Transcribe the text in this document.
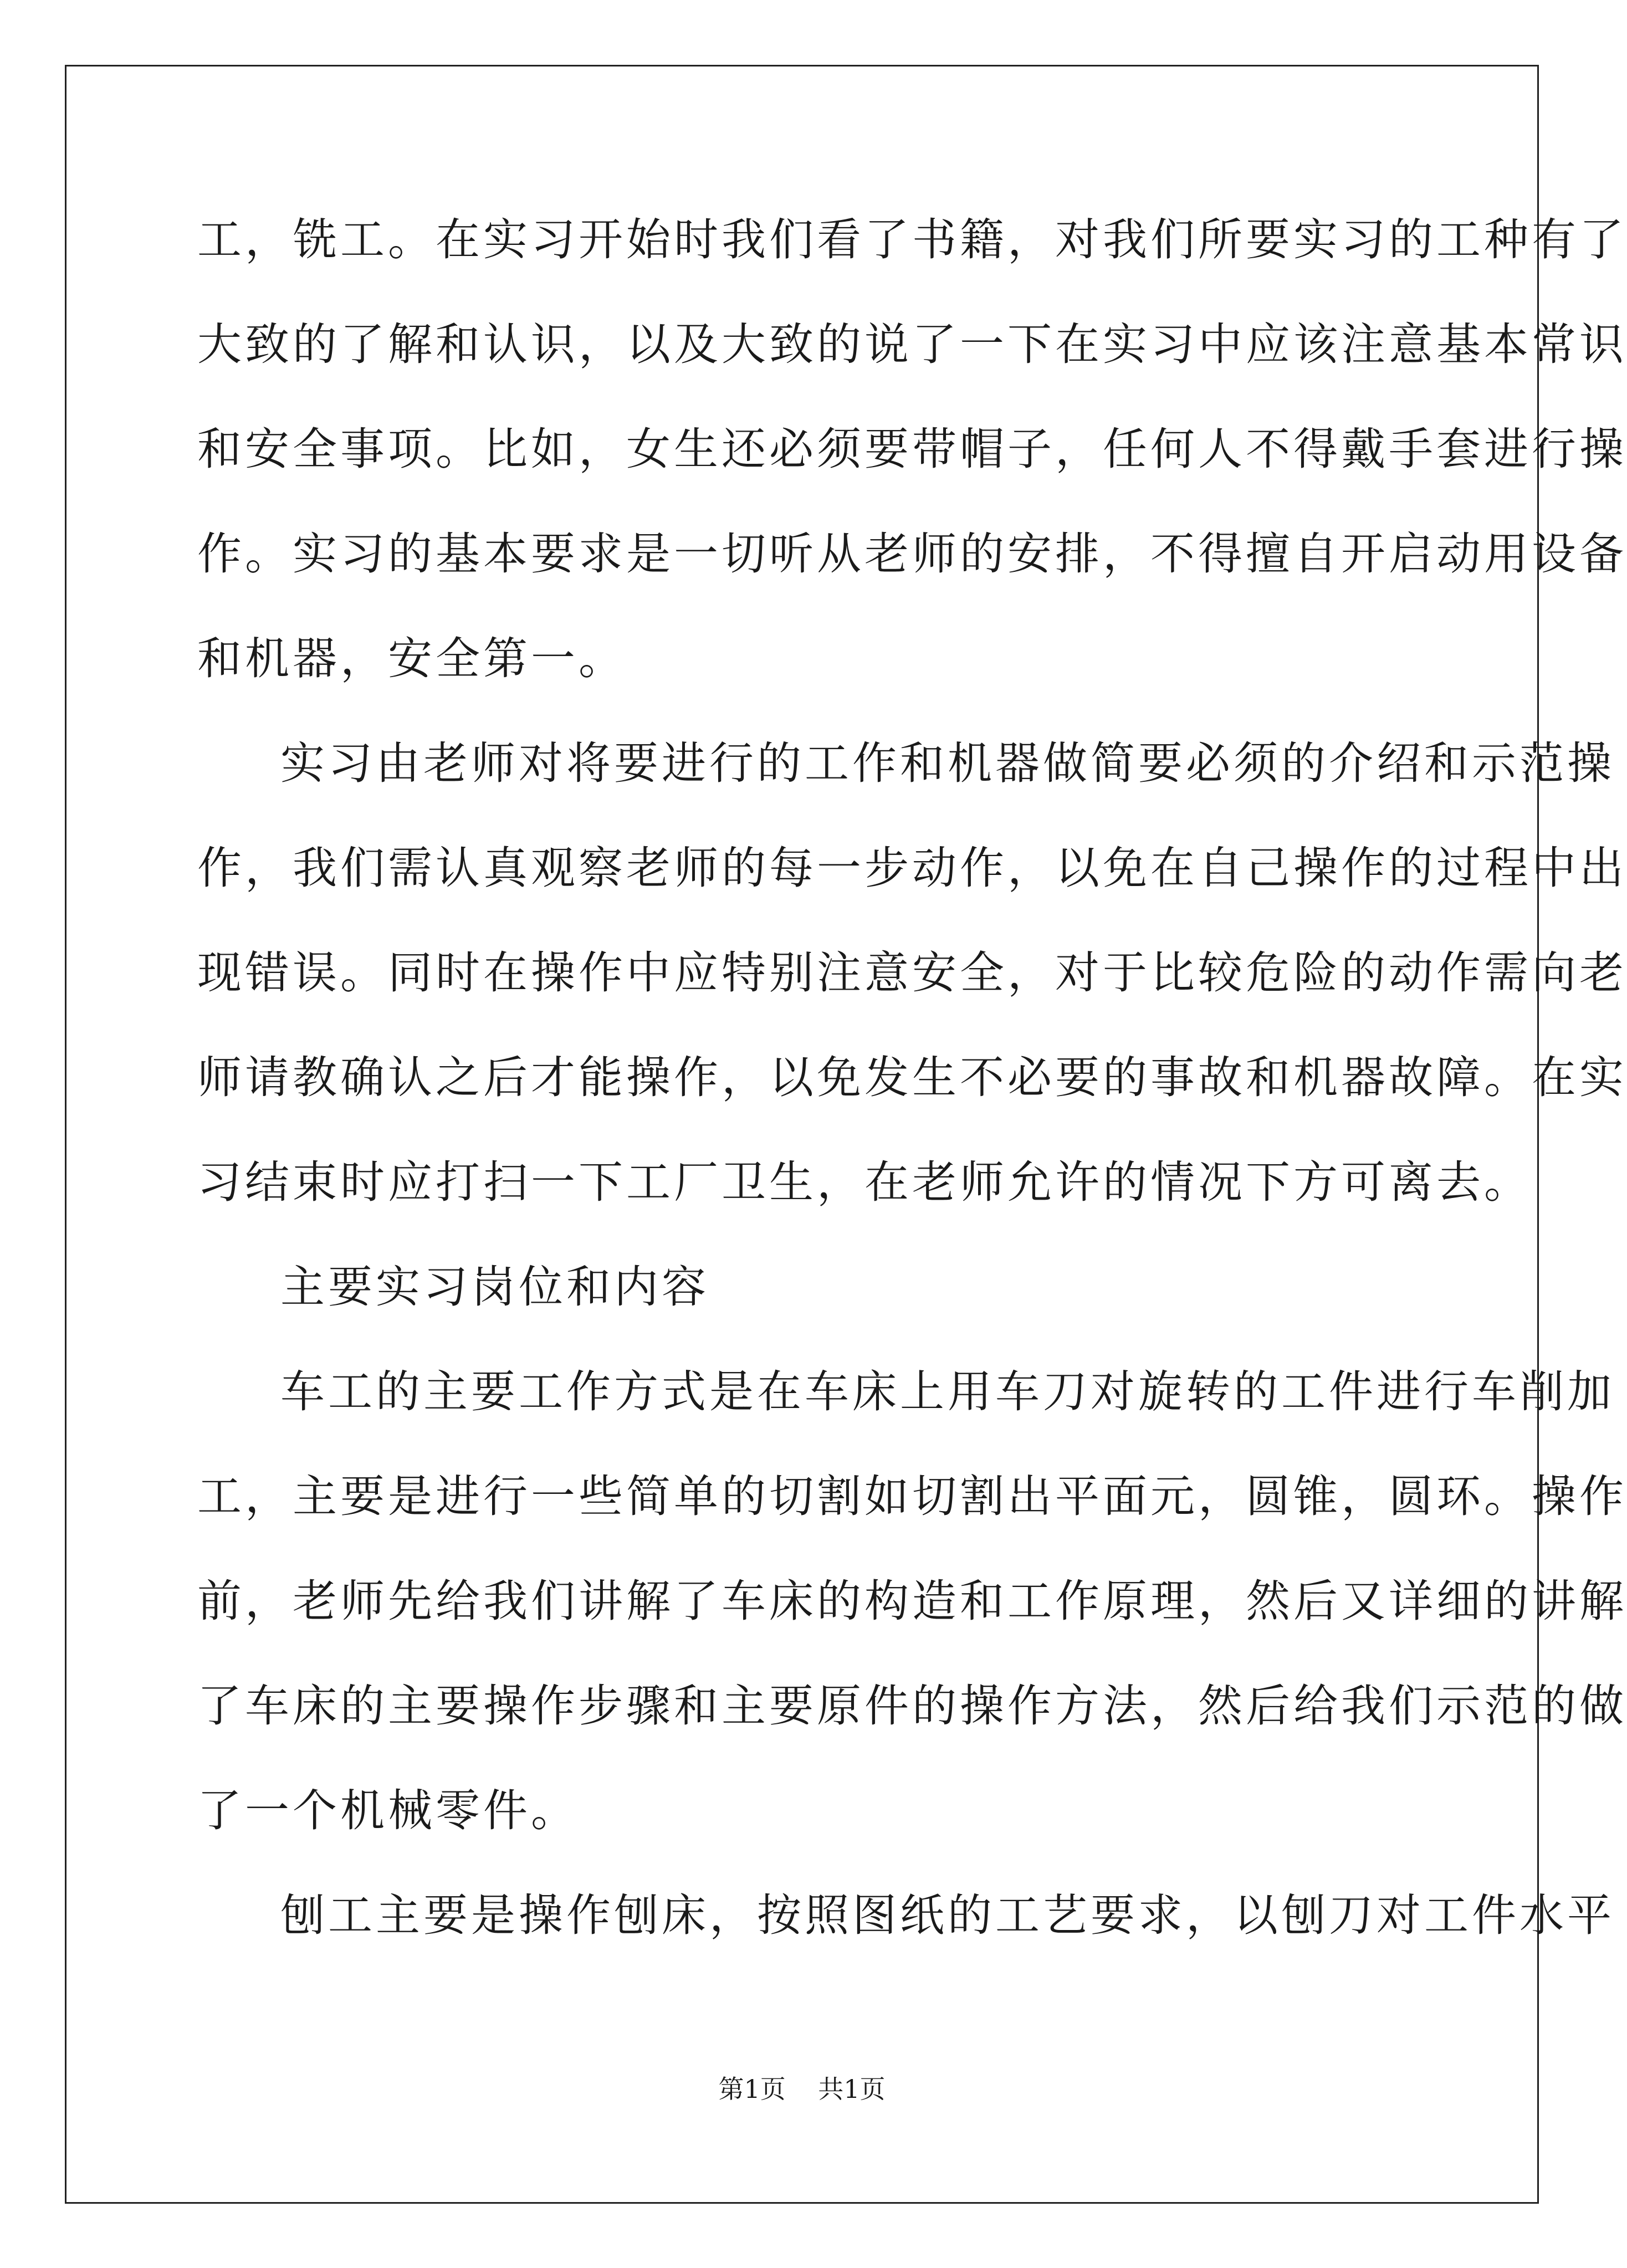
工，铣工。在实习开始时我们看了书籍，对我们所要实习的工种有了
大致的了解和认识，以及大致的说了一下在实习中应该注意基本常识
和安全事项。比如，女生还必须要带帽子，任何人不得戴手套进行操
作。实习的基本要求是一切听从老师的安排，不得擅自开启动用设备
和机器，安全第一。
实习由老师对将要进行的工作和机器做简要必须的介绍和示范操
作，我们需认真观察老师的每一步动作，以免在自己操作的过程中出
现错误。同时在操作中应特别注意安全，对于比较危险的动作需向老
师请教确认之后才能操作，以免发生不必要的事故和机器故障。在实
习结束时应打扫一下工厂卫生，在老师允许的情况下方可离去。
主要实习岗位和内容
车工的主要工作方式是在车床上用车刀对旋转的工件进行车削加
工，主要是进行一些简单的切割如切割出平面元，圆锥，圆环。操作
前，老师先给我们讲解了车床的构造和工作原理，然后又详细的讲解
了车床的主要操作步骤和主要原件的操作方法，然后给我们示范的做
了一个机械零件。
刨工主要是操作刨床，按照图纸的工艺要求，以刨刀对工件水平
第1页    共1页
